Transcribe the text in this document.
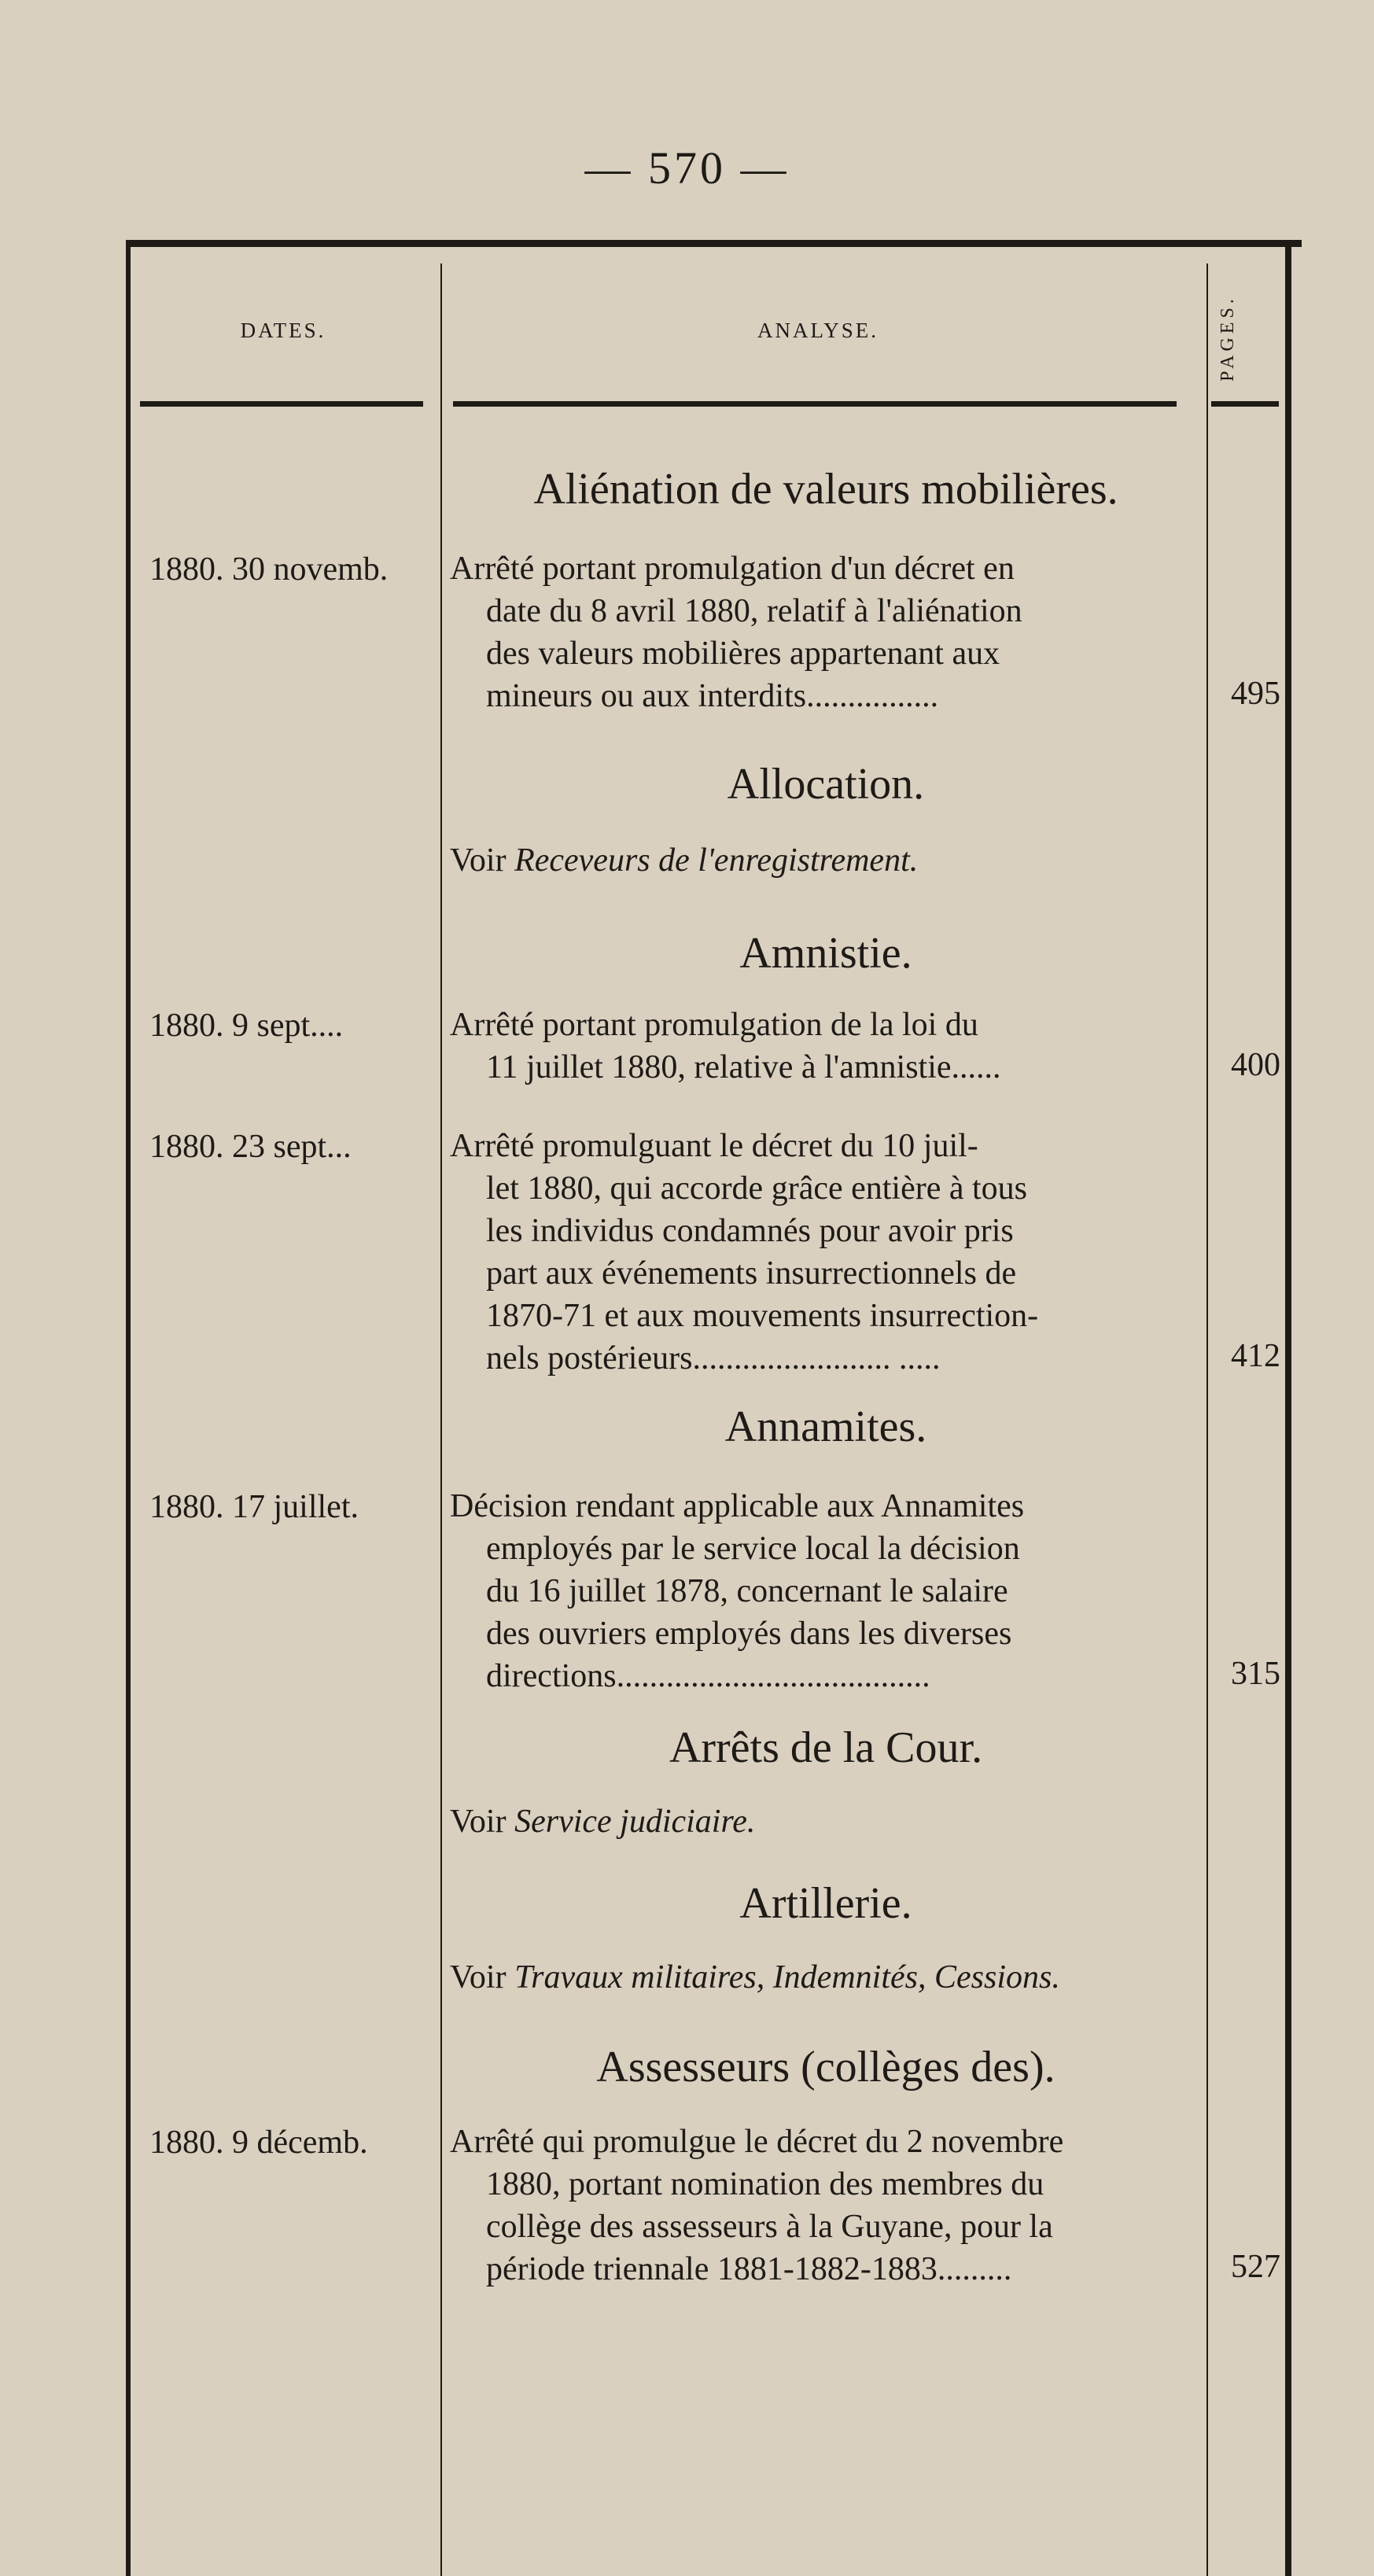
— 570 —
DATES.	ANALYSE.	PAGES.
Aliénation de valeurs mobilières.
1880. 30 novemb.	Arrêté portant promulgation d'un décret en
date du 8 avril 1880, relatif à l'aliénation
des valeurs mobilières appartenant aux
mineurs ou aux interdits................	495
Allocation.
Voir Receveurs de l'enregistrement.
Amnistie.
1880. 9 sept....	Arrêté portant promulgation de la loi du
11 juillet 1880, relative à l'amnistie......	400
1880. 23 sept...	Arrêté promulguant le décret du 10 juil-
let 1880, qui accorde grâce entière à tous
les individus condamnés pour avoir pris
part aux événements insurrectionnels de
1870-71 et aux mouvements insurrection-
nels postérieurs........................ .....	412
Annamites.
1880. 17 juillet.	Décision rendant applicable aux Annamites
employés par le service local la décision
du 16 juillet 1878, concernant le salaire
des ouvriers employés dans les diverses
directions......................................	315
Arrêts de la Cour.
Voir Service judiciaire.
Artillerie.
Voir Travaux militaires, Indemnités, Cessions.
Assesseurs (collèges des).
1880. 9 décemb.	Arrêté qui promulgue le décret du 2 novembre
1880, portant nomination des membres du
collège des assesseurs à la Guyane, pour la
période triennale 1881-1882-1883.........	527
